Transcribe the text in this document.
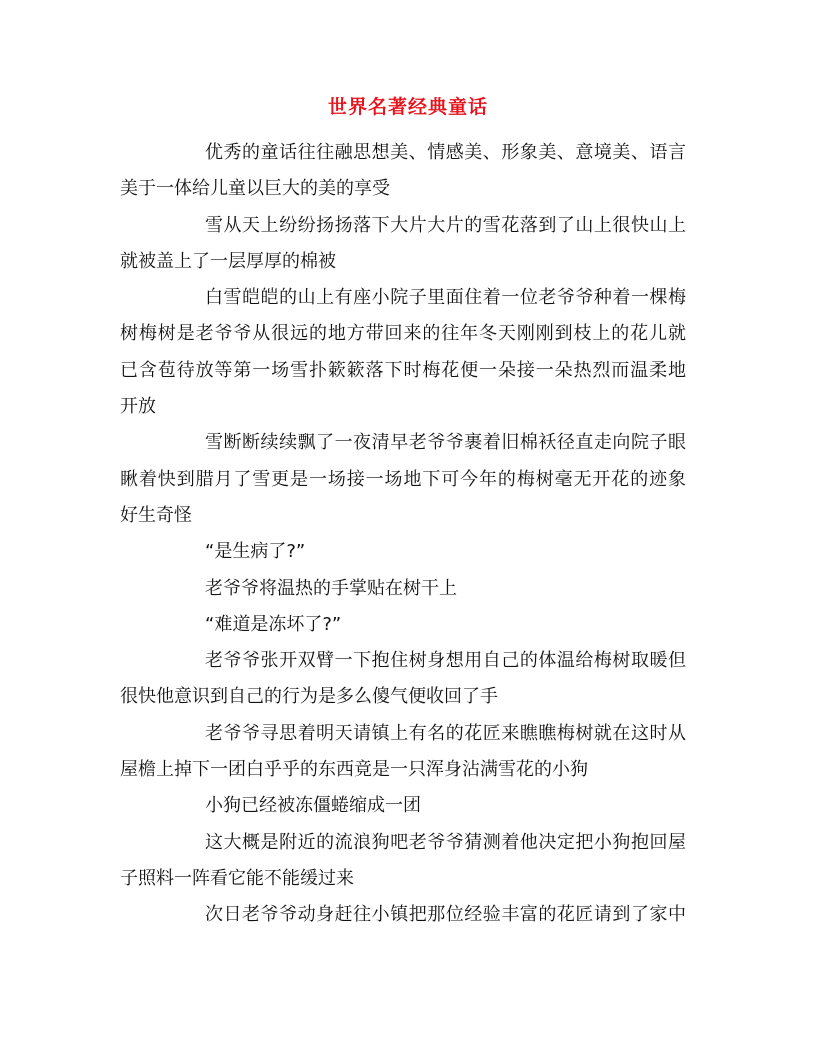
世界名著经典童话
优秀的童话往往融思想美、情感美、形象美、意境美、语言
美于一体给儿童以巨大的美的享受
雪从天上纷纷扬扬落下大片大片的雪花落到了山上很快山上
就被盖上了一层厚厚的棉被
白雪皑皑的山上有座小院子里面住着一位老爷爷种着一棵梅
树梅树是老爷爷从很远的地方带回来的往年冬天刚刚到枝上的花儿就
已含苞待放等第一场雪扑簌簌落下时梅花便一朵接一朵热烈而温柔地
开放
雪断断续续飘了一夜清早老爷爷裹着旧棉袄径直走向院子眼
瞅着快到腊月了雪更是一场接一场地下可今年的梅树毫无开花的迹象
好生奇怪
“是生病了?”
老爷爷将温热的手掌贴在树干上
“难道是冻坏了?”
老爷爷张开双臂一下抱住树身想用自己的体温给梅树取暖但
很快他意识到自己的行为是多么傻气便收回了手
老爷爷寻思着明天请镇上有名的花匠来瞧瞧梅树就在这时从
屋檐上掉下一团白乎乎的东西竟是一只浑身沾满雪花的小狗
小狗已经被冻僵蜷缩成一团
这大概是附近的流浪狗吧老爷爷猜测着他决定把小狗抱回屋
子照料一阵看它能不能缓过来
次日老爷爷动身赶往小镇把那位经验丰富的花匠请到了家中
